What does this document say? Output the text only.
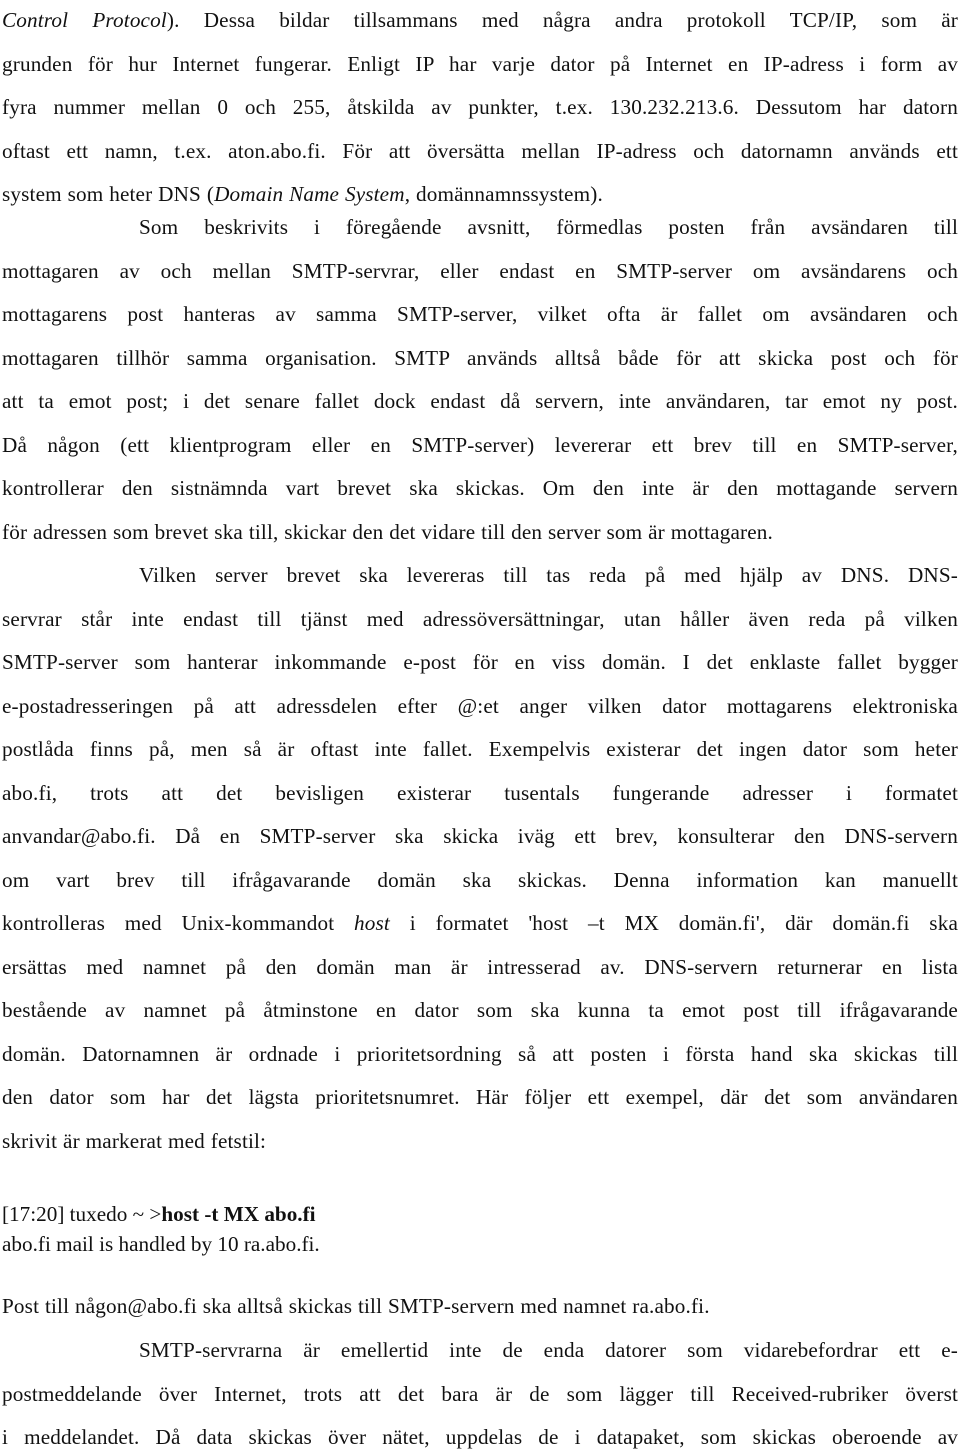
Control Protocol). Dessa bildar tillsammans med några andra protokoll TCP/IP, som är
grunden för hur Internet fungerar. Enligt IP har varje dator på Internet en IP-adress i form av
fyra nummer mellan 0 och 255, åtskilda av punkter, t.ex. 130.232.213.6. Dessutom har datorn
oftast ett namn, t.ex. aton.abo.fi. För att översätta mellan IP-adress och datornamn används ett
system som heter DNS (Domain Name System, domännamnssystem).
Som beskrivits i föregående avsnitt, förmedlas posten från avsändaren till
mottagaren av och mellan SMTP-servrar, eller endast en SMTP-server om avsändarens och
mottagarens post hanteras av samma SMTP-server, vilket ofta är fallet om avsändaren och
mottagaren tillhör samma organisation. SMTP används alltså både för att skicka post och för
att ta emot post; i det senare fallet dock endast då servern, inte användaren, tar emot ny post.
Då någon (ett klientprogram eller en SMTP-server) levererar ett brev till en SMTP-server,
kontrollerar den sistnämnda vart brevet ska skickas. Om den inte är den mottagande servern
för adressen som brevet ska till, skickar den det vidare till den server som är mottagaren.
Vilken server brevet ska levereras till tas reda på med hjälp av DNS. DNS-
servrar står inte endast till tjänst med adressöversättningar, utan håller även reda på vilken
SMTP-server som hanterar inkommande e-post för en viss domän. I det enklaste fallet bygger
e-postadresseringen på att adressdelen efter @:et anger vilken dator mottagarens elektroniska
postlåda finns på, men så är oftast inte fallet. Exempelvis existerar det ingen dator som heter
abo.fi, trots att det bevisligen existerar tusentals fungerande adresser i formatet
anvandar@abo.fi. Då en SMTP-server ska skicka iväg ett brev, konsulterar den DNS-servern
om vart brev till ifrågavarande domän ska skickas. Denna information kan manuellt
kontrolleras med Unix-kommandot host i formatet 'host –t MX domän.fi', där domän.fi ska
ersättas med namnet på den domän man är intresserad av. DNS-servern returnerar en lista
bestående av namnet på åtminstone en dator som ska kunna ta emot post till ifrågavarande
domän. Datornamnen är ordnade i prioritetsordning så att posten i första hand ska skickas till
den dator som har det lägsta prioritetsnumret. Här följer ett exempel, där det som användaren
skrivit är markerat med fetstil:
[17:20] tuxedo ~ >host -t MX abo.fi
abo.fi mail is handled by 10 ra.abo.fi.
Post till någon@abo.fi ska alltså skickas till SMTP-servern med namnet ra.abo.fi.
SMTP-servrarna är emellertid inte de enda datorer som vidarebefordrar ett e-
postmeddelande över Internet, trots att det bara är de som lägger till Received-rubriker överst
i meddelandet. Då data skickas över nätet, uppdelas de i datapaket, som skickas oberoende av
